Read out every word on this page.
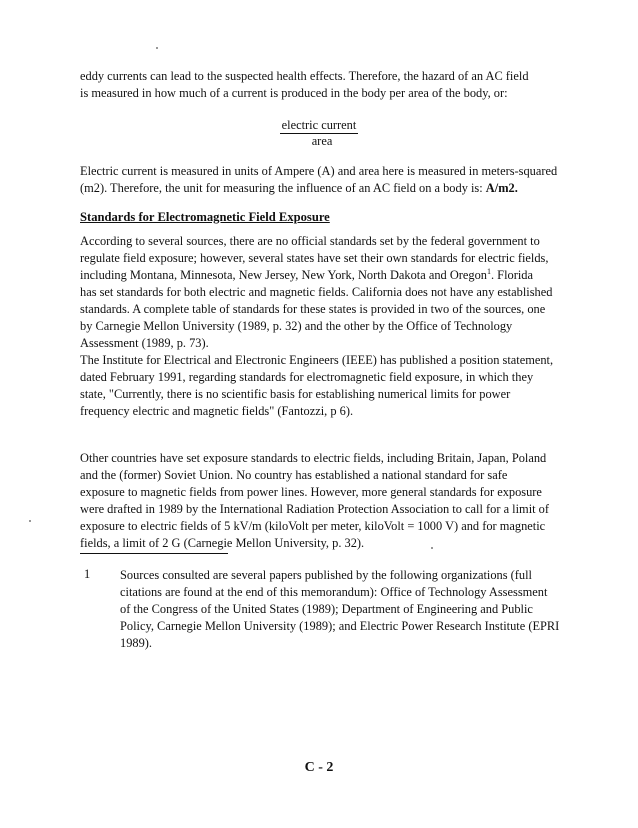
eddy currents can lead to the suspected health effects. Therefore, the hazard of an AC field
is measured in how much of a current is produced in the body per area of the body, or:
electric current
area
Electric current is measured in units of Ampere (A) and area here is measured in meters-squared
(m2). Therefore, the unit for measuring the influence of an AC field on a body is: A/m2.
Standards for Electromagnetic Field Exposure
According to several sources, there are no official standards set by the federal government to
regulate field exposure; however, several states have set their own standards for electric fields,
including Montana, Minnesota, New Jersey, New York, North Dakota and Oregon$^1$. Florida
has set standards for both electric and magnetic fields. California does not have any established
standards. A complete table of standards for these states is provided in two of the sources, one
by Carnegie Mellon University (1989, p. 32) and the other by the Office of Technology
Assessment (1989, p. 73).
The Institute for Electrical and Electronic Engineers (IEEE) has published a position statement,
dated February 1991, regarding standards for electromagnetic field exposure, in which they
state, "Currently, there is no scientific basis for establishing numerical limits for power
frequency electric and magnetic fields" (Fantozzi, p 6).
Other countries have set exposure standards to electric fields, including Britain, Japan, Poland
and the (former) Soviet Union. No country has established a national standard for safe
exposure to magnetic fields from power lines. However, more general standards for exposure
were drafted in 1989 by the International Radiation Protection Association to call for a limit of
exposure to electric fields of 5 kV/m (kiloVolt per meter, kiloVolt = 1000 V) and for magnetic
fields, a limit of 2 G (Carnegie Mellon University, p. 32).
1 Sources consulted are several papers published by the following organizations (full
citations are found at the end of this memorandum): Office of Technology Assessment
of the Congress of the United States (1989); Department of Engineering and Public
Policy, Carnegie Mellon University (1989); and Electric Power Research Institute (EPRI
1989).
C - 2
